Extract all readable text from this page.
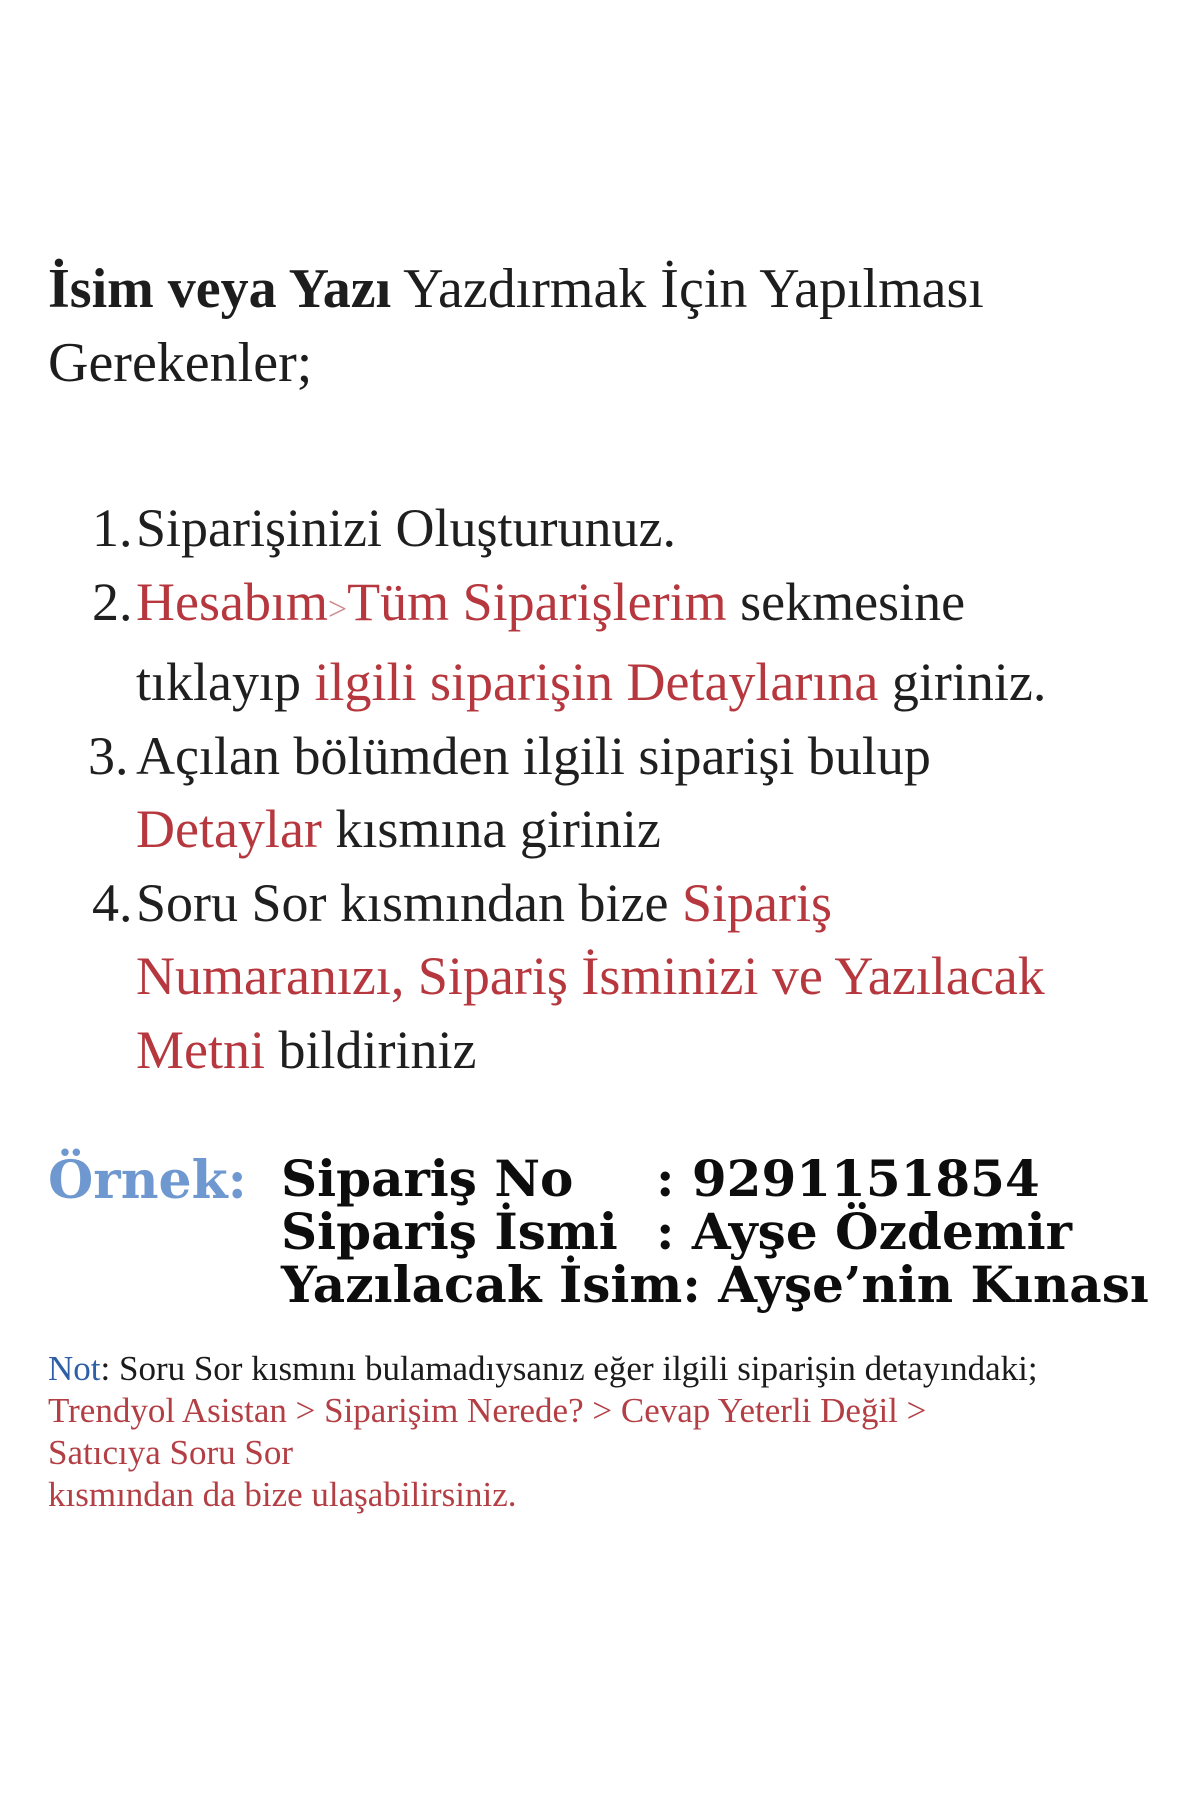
İsim veya Yazı Yazdırmak İçin Yapılması Gerekenler;
1. Siparişinizi Oluşturunuz.
2. Hesabım>Tüm Siparişlerim sekmesine tıklayıp ilgili siparişin Detaylarına giriniz.
3. Açılan bölümden ilgili siparişi bulup Detaylar kısmına giriniz
4. Soru Sor kısmından bize Sipariş Numaranızı, Sipariş İsminizi ve Yazılacak Metni bildiriniz
Örnek: Sipariş No	: 9291151854
Sipariş İsmi : Ayşe Özdemir
Yazılacak İsim : Ayşe’nin Kınası

Not: Soru Sor kısmını bulamadıysanız eğer ilgili siparişin detayındaki;

Trendyol Asistan > Siparişim Nerede? > Cevap Yeterli Değil >

Satıcıya Soru Sor

kısmından da bize ulaşabilirsiniz.
